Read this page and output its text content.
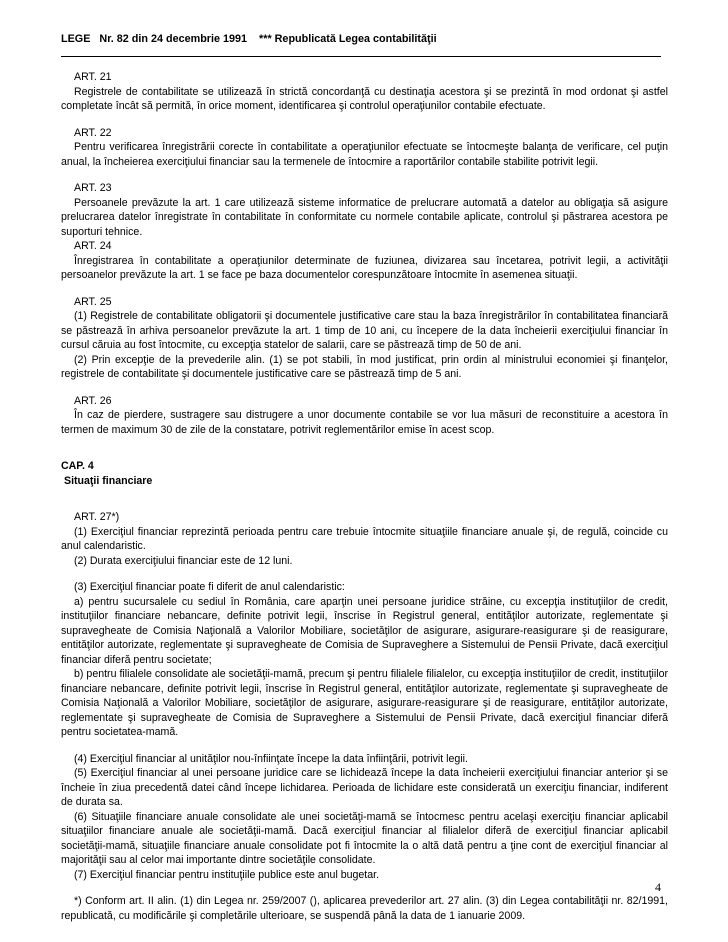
LEGE   Nr. 82 din 24 decembrie 1991    *** Republicată Legea contabilităţii

ART. 21

Registrele de contabilitate se utilizează în strictă concordanţă cu destinaţia acestora şi se prezintă în mod ordonat şi astfel completate încât să permită, în orice moment, identificarea şi controlul operaţiunilor contabile efectuate.

ART. 22

Pentru verificarea înregistrării corecte în contabilitate a operaţiunilor efectuate se întocmeşte balanţa de verificare, cel puţin anual, la încheierea exerciţiului financiar sau la termenele de întocmire a raportărilor contabile stabilite potrivit legii.

ART. 23

Persoanele prevăzute la art. 1 care utilizează sisteme informatice de prelucrare automată a datelor au obligaţia să asigure prelucrarea datelor înregistrate în contabilitate în conformitate cu normele contabile aplicate, controlul şi păstrarea acestora pe suporturi tehnice.

ART. 24

Înregistrarea în contabilitate a operaţiunilor determinate de fuziunea, divizarea sau încetarea, potrivit legii, a activităţii persoanelor prevăzute la art. 1 se face pe baza documentelor corespunzătoare întocmite în asemenea situaţii.

ART. 25

(1) Registrele de contabilitate obligatorii şi documentele justificative care stau la baza înregistrărilor în contabilitatea financiară se păstrează în arhiva persoanelor prevăzute la art. 1 timp de 10 ani, cu începere de la data încheierii exerciţiului financiar în cursul căruia au fost întocmite, cu excepţia statelor de salarii, care se păstrează timp de 50 de ani.

(2) Prin excepţie de la prevederile alin. (1) se pot stabili, în mod justificat, prin ordin al ministrului economiei şi finanţelor, registrele de contabilitate şi documentele justificative care se păstrează timp de 5 ani.

ART. 26

În caz de pierdere, sustragere sau distrugere a unor documente contabile se vor lua măsuri de reconstituire a acestora în termen de maximum 30 de zile de la constatare, potrivit reglementărilor emise în acest scop.

CAP. 4

Situaţii financiare

ART. 27*)

(1) Exerciţiul financiar reprezintă perioada pentru care trebuie întocmite situaţiile financiare anuale şi, de regulă, coincide cu anul calendaristic.

(2) Durata exerciţiului financiar este de 12 luni.

(3) Exerciţiul financiar poate fi diferit de anul calendaristic:

a) pentru sucursalele cu sediul în România, care aparţin unei persoane juridice străine, cu excepţia instituţiilor de credit, instituţiilor financiare nebancare, definite potrivit legii, înscrise în Registrul general, entităţilor autorizate, reglementate şi supravegheate de Comisia Naţională a Valorilor Mobiliare, societăţilor de asigurare, asigurare-reasigurare şi de reasigurare, entităţilor autorizate, reglementate şi supravegheate de Comisia de Supraveghere a Sistemului de Pensii Private, dacă exerciţiul financiar diferă pentru societate;

b) pentru filialele consolidate ale societăţii-mamă, precum şi pentru filialele filialelor, cu excepţia instituţiilor de credit, instituţiilor financiare nebancare, definite potrivit legii, înscrise în Registrul general, entităţilor autorizate, reglementate şi supravegheate de Comisia Naţională a Valorilor Mobiliare, societăţilor de asigurare, asigurare-reasigurare şi de reasigurare, entităţilor autorizate, reglementate şi supravegheate de Comisia de Supraveghere a Sistemului de Pensii Private, dacă exerciţiul financiar diferă pentru societatea-mamă.

(4) Exerciţiul financiar al unităţilor nou-înfiinţate începe la data înfiinţării, potrivit legii.

(5) Exerciţiul financiar al unei persoane juridice care se lichidează începe la data încheierii exerciţiului financiar anterior şi se încheie în ziua precedentă datei când începe lichidarea. Perioada de lichidare este considerată un exerciţiu financiar, indiferent de durata sa.

(6) Situaţiile financiare anuale consolidate ale unei societăţi-mamă se întocmesc pentru acelaşi exerciţiu financiar aplicabil situaţiilor financiare anuale ale societăţii-mamă. Dacă exerciţiul financiar al filialelor diferă de exerciţiul financiar aplicabil societăţii-mamă, situaţiile financiare anuale consolidate pot fi întocmite la o altă dată pentru a ţine cont de exerciţiul financiar al majorităţii sau al celor mai importante dintre societăţile consolidate.

(7) Exerciţiul financiar pentru instituţiile publice este anul bugetar.

*) Conform art. II alin. (1) din Legea nr. 259/2007 (), aplicarea prevederilor art. 27 alin. (3) din Legea contabilităţii nr. 82/1991, republicată, cu modificările şi completările ulterioare, se suspendă până la data de 1 ianuarie 2009.

4
